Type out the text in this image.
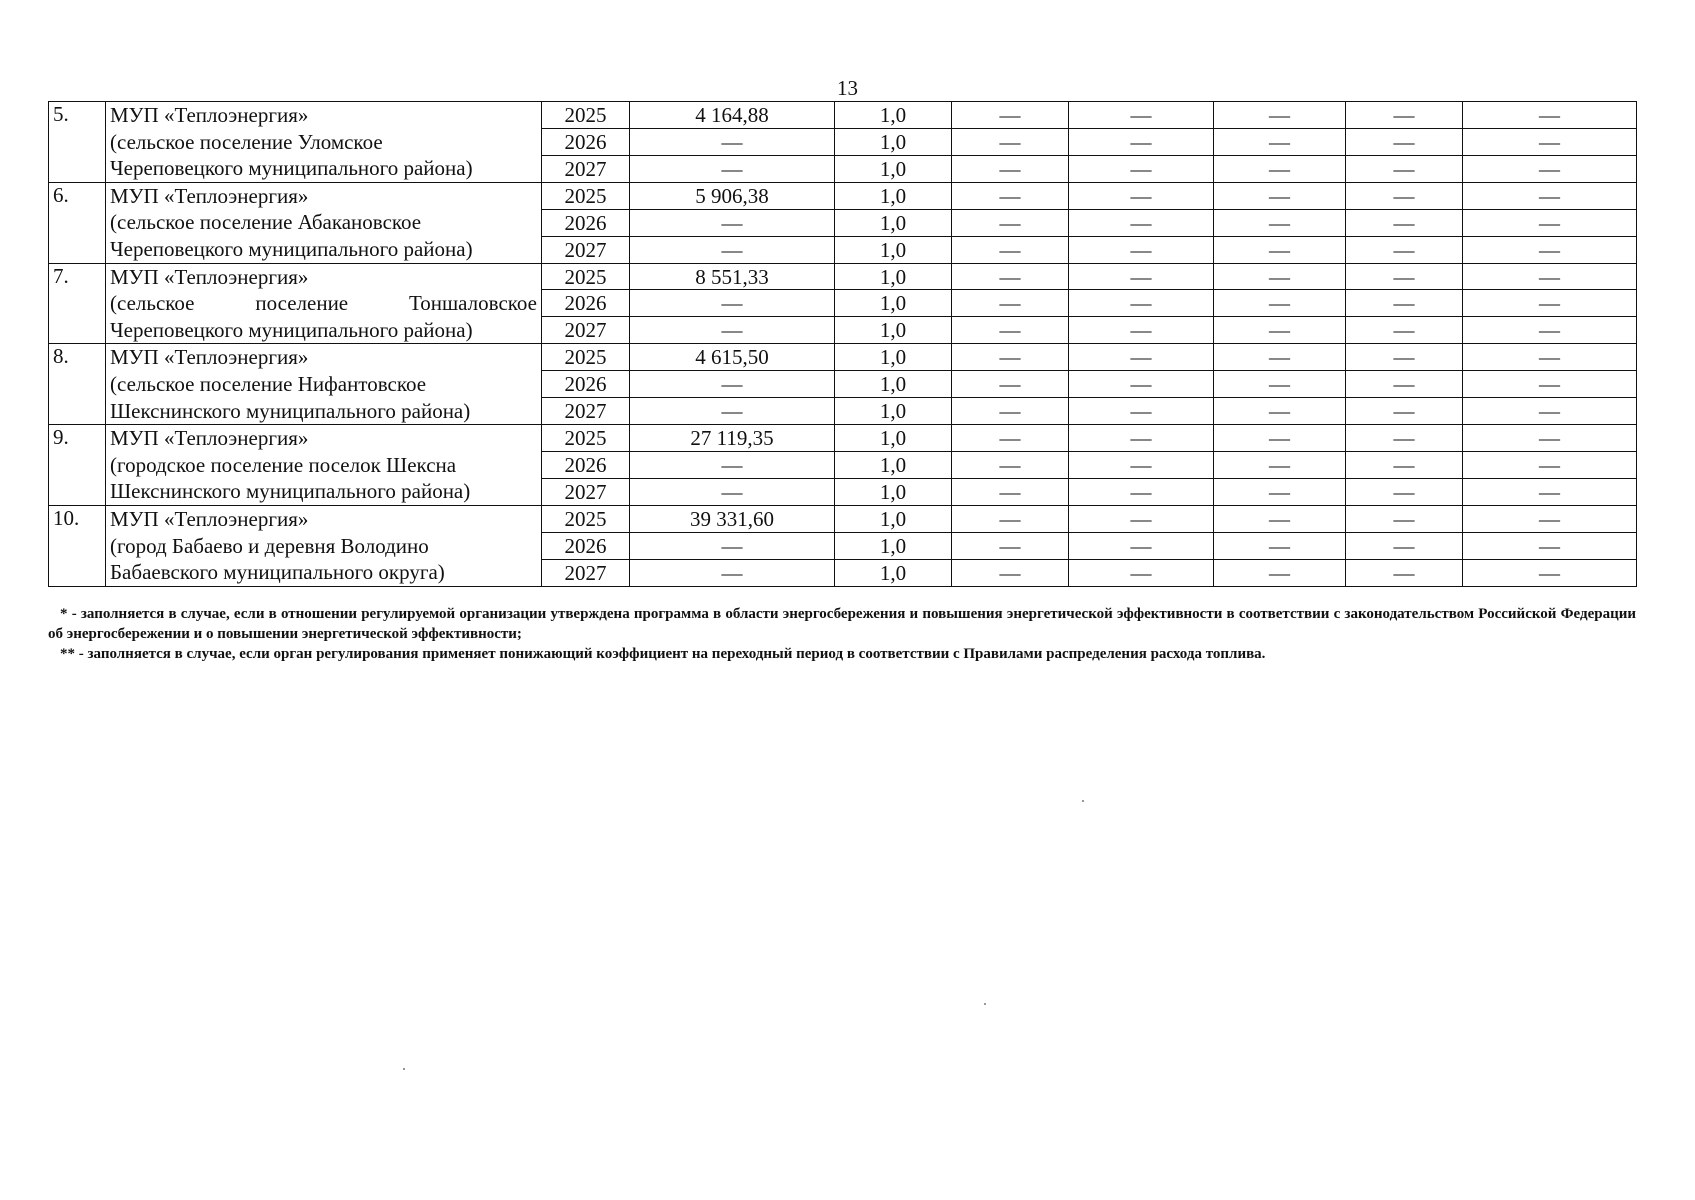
13
5.	МУП «Теплоэнергия»
(сельское поселение Уломское
Череповецкого муниципального района)	2025	4 164,88	1,0	—	—	—	—	—
		2026	—	1,0	—	—	—	—	—
		2027	—	1,0	—	—	—	—	—
6.	МУП «Теплоэнергия»
(сельское поселение Абакановское
Череповецкого муниципального района)	2025	5 906,38	1,0	—	—	—	—	—
		2026	—	1,0	—	—	—	—	—
		2027	—	1,0	—	—	—	—	—
7.	МУП «Теплоэнергия»
(сельское поселение Тоншаловское
Череповецкого муниципального района)	2025	8 551,33	1,0	—	—	—	—	—
		2026	—	1,0	—	—	—	—	—
		2027	—	1,0	—	—	—	—	—
8.	МУП «Теплоэнергия»
(сельское поселение Нифантовское
Шекснинского муниципального района)	2025	4 615,50	1,0	—	—	—	—	—
		2026	—	1,0	—	—	—	—	—
		2027	—	1,0	—	—	—	—	—
9.	МУП «Теплоэнергия»
(городское поселение поселок Шексна
Шекснинского муниципального района)	2025	27 119,35	1,0	—	—	—	—	—
		2026	—	1,0	—	—	—	—	—
		2027	—	1,0	—	—	—	—	—
10.	МУП «Теплоэнергия»
(город Бабаево и деревня Володино
Бабаевского муниципального округа)	2025	39 331,60	1,0	—	—	—	—	—
		2026	—	1,0	—	—	—	—	—
		2027	—	1,0	—	—	—	—	—

* - заполняется в случае, если в отношении регулируемой организации утверждена программа в области энергосбережения и повышения энергетической эффективности в соответствии с законодательством Российской Федерации об энергосбережении и о повышении энергетической эффективности;

** - заполняется в случае, если орган регулирования применяет понижающий коэффициент на переходный период в соответствии с Правилами распределения расхода топлива.
